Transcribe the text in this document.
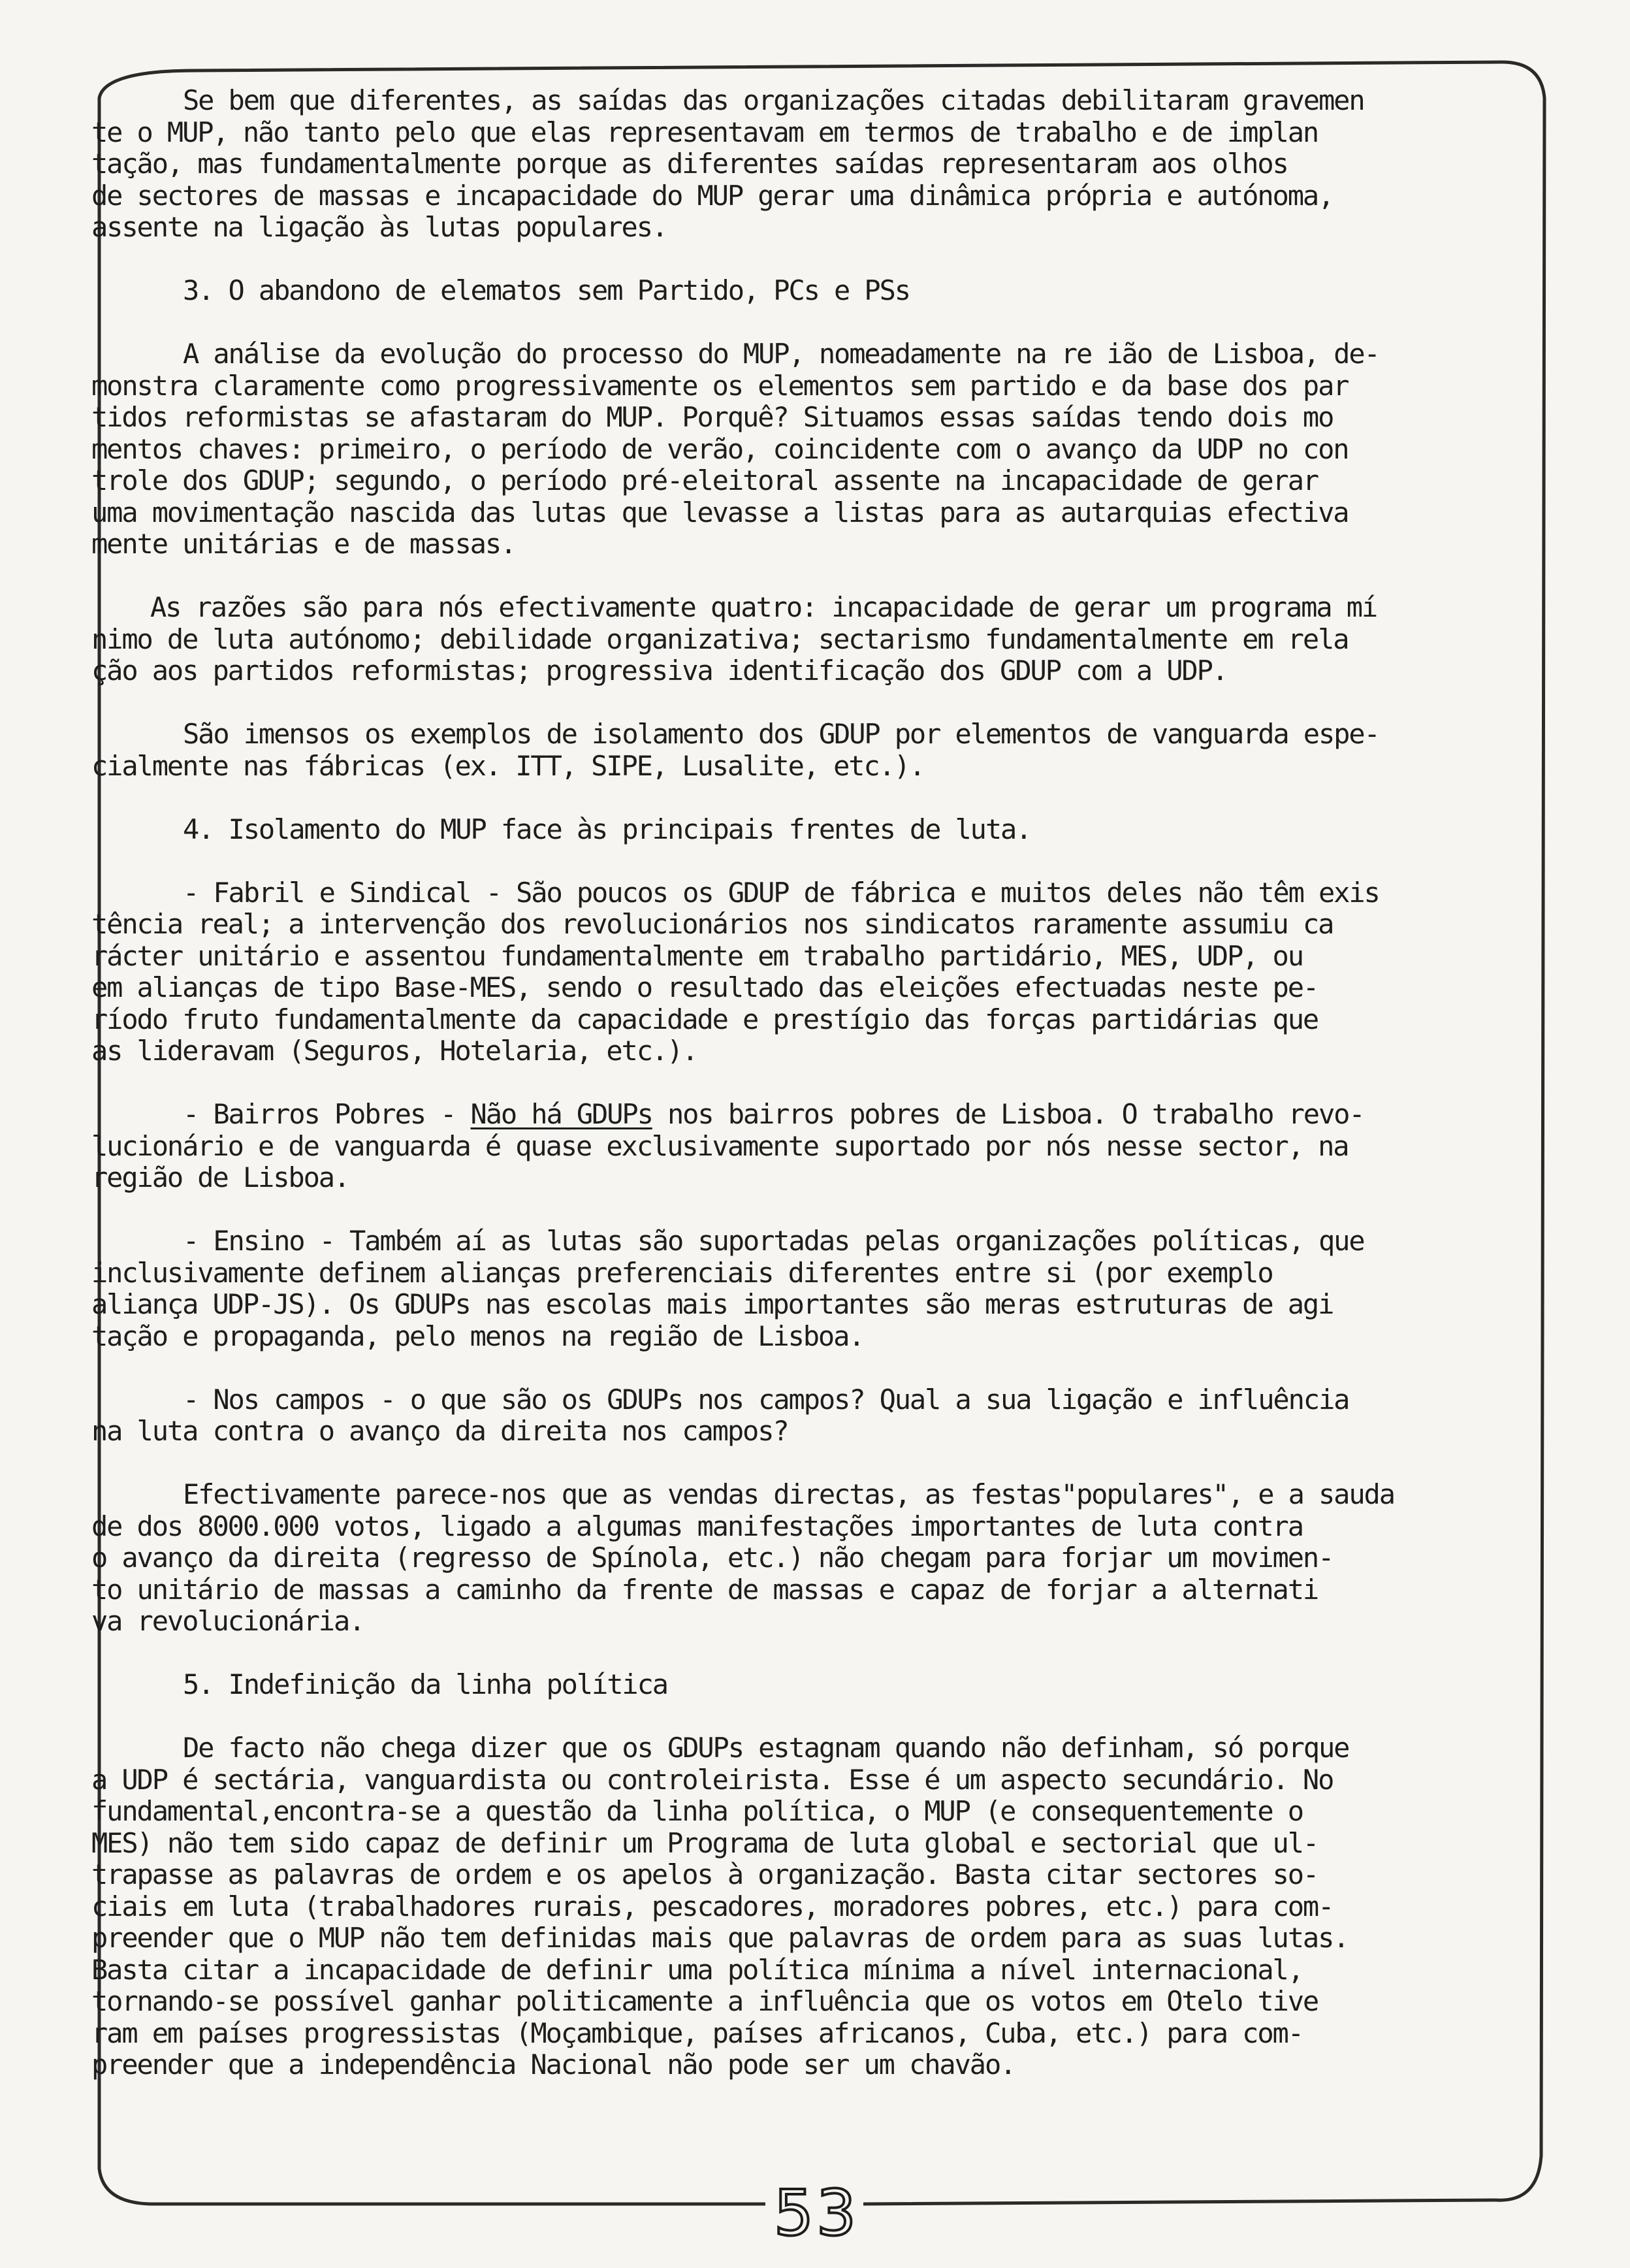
Se bem que diferentes, as saídas das organizações citadas debilitaram gravemen
te o MUP, não tanto pelo que elas representavam em termos de trabalho e de implan
tação, mas fundamentalmente porque as diferentes saídas representaram aos olhos
de sectores de massas e incapacidade do MUP gerar uma dinâmica própria e autónoma,
assente na ligação às lutas populares.
3. O abandono de elematos sem Partido, PCs e PSs
A análise da evolução do processo do MUP, nomeadamente na re ião de Lisboa, de-
monstra claramente como progressivamente os elementos sem partido e da base dos par
tidos reformistas se afastaram do MUP. Porquê? Situamos essas saídas tendo dois mo
mentos chaves: primeiro, o período de verão, coincidente com o avanço da UDP no con
trole dos GDUP; segundo, o período pré-eleitoral assente na incapacidade de gerar
uma movimentação nascida das lutas que levasse a listas para as autarquias efectiva
mente unitárias e de massas.
As razões são para nós efectivamente quatro: incapacidade de gerar um programa mí
nimo de luta autónomo; debilidade organizativa; sectarismo fundamentalmente em rela
ção aos partidos reformistas; progressiva identificação dos GDUP com a UDP.
São imensos os exemplos de isolamento dos GDUP por elementos de vanguarda espe-
cialmente nas fábricas (ex. ITT, SIPE, Lusalite, etc.).
4. Isolamento do MUP face às principais frentes de luta.
- Fabril e Sindical - São poucos os GDUP de fábrica e muitos deles não têm exis
tência real; a intervenção dos revolucionários nos sindicatos raramente assumiu ca
rácter unitário e assentou fundamentalmente em trabalho partidário, MES, UDP, ou
em alianças de tipo Base-MES, sendo o resultado das eleições efectuadas neste pe-
ríodo fruto fundamentalmente da capacidade e prestígio das forças partidárias que
as lideravam (Seguros, Hotelaria, etc.).
- Bairros Pobres - Não há GDUPs nos bairros pobres de Lisboa. O trabalho revo-
lucionário e de vanguarda é quase exclusivamente suportado por nós nesse sector, na
região de Lisboa.
- Ensino - Também aí as lutas são suportadas pelas organizações políticas, que
inclusivamente definem alianças preferenciais diferentes entre si (por exemplo
aliança UDP-JS). Os GDUPs nas escolas mais importantes são meras estruturas de agi
tação e propaganda, pelo menos na região de Lisboa.
- Nos campos - o que são os GDUPs nos campos? Qual a sua ligação e influência
na luta contra o avanço da direita nos campos?
Efectivamente parece-nos que as vendas directas, as festas"populares", e a sauda
de dos 8000.000 votos, ligado a algumas manifestações importantes de luta contra
o avanço da direita (regresso de Spínola, etc.) não chegam para forjar um movimen-
to unitário de massas a caminho da frente de massas e capaz de forjar a alternati
va revolucionária.
5. Indefinição da linha política
De facto não chega dizer que os GDUPs estagnam quando não definham, só porque
a UDP é sectária, vanguardista ou controleirista. Esse é um aspecto secundário. No
fundamental,encontra-se a questão da linha política, o MUP (e consequentemente o
MES) não tem sido capaz de definir um Programa de luta global e sectorial que ul-
trapasse as palavras de ordem e os apelos à organização. Basta citar sectores so-
ciais em luta (trabalhadores rurais, pescadores, moradores pobres, etc.) para com-
preender que o MUP não tem definidas mais que palavras de ordem para as suas lutas.
Basta citar a incapacidade de definir uma política mínima a nível internacional,
tornando-se possível ganhar politicamente a influência que os votos em Otelo tive
ram em países progressistas (Moçambique, países africanos, Cuba, etc.) para com-
preender que a independência Nacional não pode ser um chavão.
53
